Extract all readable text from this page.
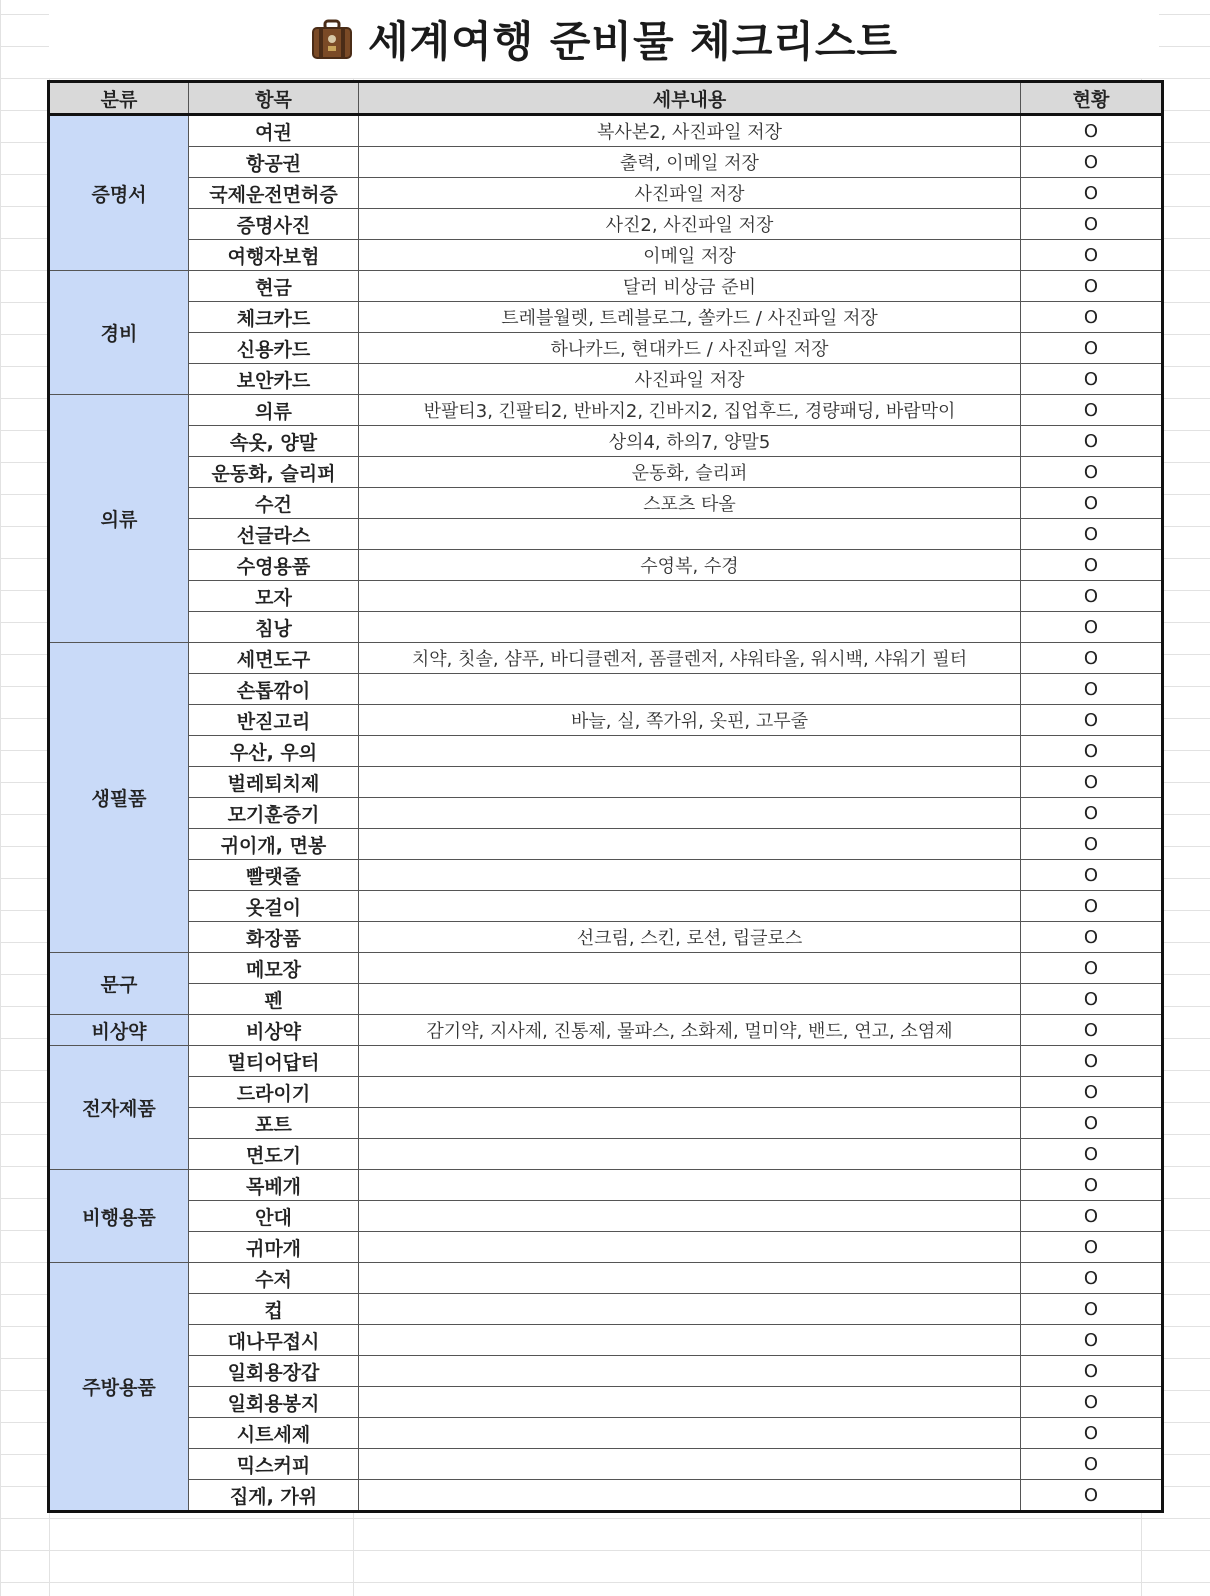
세계여행 준비물 체크리스트
분류	항목	세부내용	현황
증명서	여권	복사본2, 사진파일 저장	O
	항공권	출력, 이메일 저장	O
	국제운전면허증	사진파일 저장	O
	증명사진	사진2, 사진파일 저장	O
	여행자보험	이메일 저장	O
경비	현금	달러 비상금 준비	O
	체크카드	트레블월렛, 트레블로그, 쏠카드 / 사진파일 저장	O
	신용카드	하나카드, 현대카드 / 사진파일 저장	O
	보안카드	사진파일 저장	O
의류	의류	반팔티3, 긴팔티2, 반바지2, 긴바지2, 집업후드, 경량패딩, 바람막이	O
	속옷, 양말	상의4, 하의7, 양말5	O
	운동화, 슬리퍼	운동화, 슬리퍼	O
	수건	스포츠 타올	O
	선글라스		O
	수영용품	수영복, 수경	O
	모자		O
	침낭		O
생필품	세면도구	치약, 칫솔, 샴푸, 바디클렌저, 폼클렌저, 샤워타올, 워시백, 샤워기 필터	O
	손톱깎이		O
	반짇고리	바늘, 실, 쪽가위, 옷핀, 고무줄	O
	우산, 우의		O
	벌레퇴치제		O
	모기훈증기		O
	귀이개, 면봉		O
	빨랫줄		O
	옷걸이		O
	화장품	선크림, 스킨, 로션, 립글로스	O
문구	메모장		O
	펜		O
비상약	비상약	감기약, 지사제, 진통제, 물파스, 소화제, 멀미약, 밴드, 연고, 소염제	O
전자제품	멀티어답터		O
	드라이기		O
	포트		O
	면도기		O
비행용품	목베개		O
	안대		O
	귀마개		O
주방용품	수저		O
	컵		O
	대나무접시		O
	일회용장갑		O
	일회용봉지		O
	시트세제		O
	믹스커피		O
	집게, 가위		O
